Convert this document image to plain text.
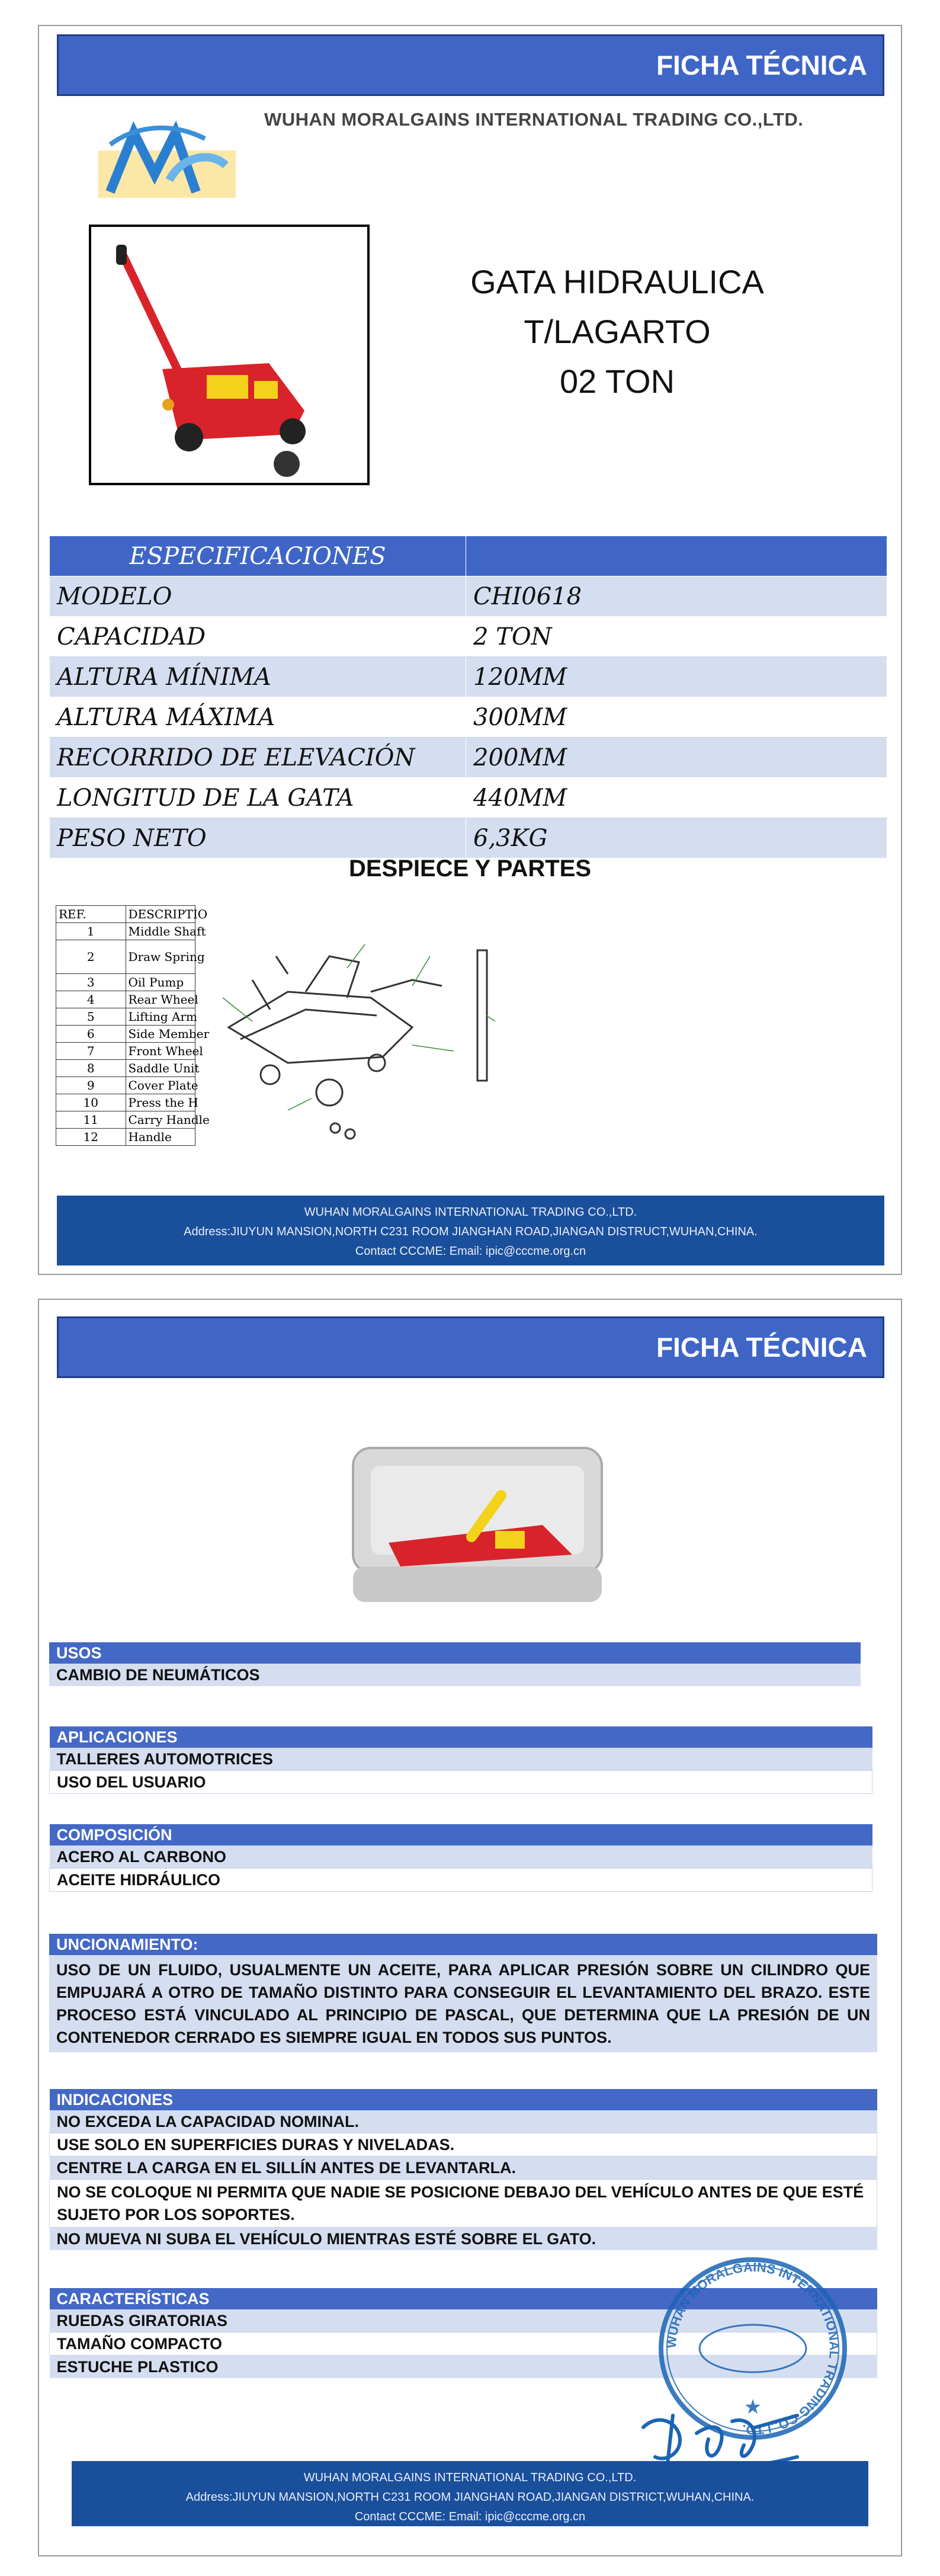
FICHA TÉCNICA
WUHAN MORALGAINS INTERNATIONAL TRADING CO.,LTD.
GATA HIDRAULICA T/LAGARTO
02 TON
ESPECIFICACIONES	
MODELO	CHI0618
CAPACIDAD	2 TON
ALTURA MÍNIMA	120MM
ALTURA MÁXIMA	300MM
RECORRIDO DE ELEVACIÓN	200MM
LONGITUD DE LA GATA	440MM
PESO NETO	6,3KG
DESPIECE Y PARTES
REF.	DESCRIPTIO
1	Middle Shaft
2	Draw Spring
3	Oil Pump
4	Rear Wheel
5	Lifting Arm
6	Side Member
7	Front Wheel
8	Saddle Unit
9	Cover Plate
10	Press the H
11	Carry Handle
12	Handle
WUHAN MORALGAINS INTERNATIONAL TRADING CO.,LTD.
Address:JIUYUN MANSION,NORTH C231 ROOM JIANGHAN ROAD,JIANGAN DISTRUCT,WUHAN,CHINA.
Contact CCCME: Email: ipic@cccme.org.cn
FICHA TÉCNICA
USOS
CAMBIO DE NEUMÁTICOS
APLICACIONES
TALLERES AUTOMOTRICES
USO DEL USUARIO
COMPOSICIÓN
ACERO AL CARBONO
ACEITE HIDRÁULICO
UNCIONAMIENTO:
USO DE UN FLUIDO, USUALMENTE UN ACEITE, PARA APLICAR PRESIÓN SOBRE UN CILINDRO QUE EMPUJARÁ A OTRO DE TAMAÑO DISTINTO PARA CONSEGUIR EL LEVANTAMIENTO DEL BRAZO. ESTE PROCESO ESTÁ VINCULADO AL PRINCIPIO DE PASCAL, QUE DETERMINA QUE LA PRESIÓN DE UN CONTENEDOR CERRADO ES SIEMPRE IGUAL EN TODOS SUS PUNTOS.
INDICACIONES
NO EXCEDA LA CAPACIDAD NOMINAL.
USE SOLO EN SUPERFICIES DURAS Y NIVELADAS.
CENTRE LA CARGA EN EL SILLÍN ANTES DE LEVANTARLA.
NO SE COLOQUE NI PERMITA QUE NADIE SE POSICIONE DEBAJO DEL VEHÍCULO ANTES DE QUE ESTÉ SUJETO POR LOS SOPORTES.
NO MUEVA NI SUBA EL VEHÍCULO MIENTRAS ESTÉ SOBRE EL GATO.
CARACTERÍSTICAS
RUEDAS GIRATORIAS
TAMAÑO COMPACTO
ESTUCHE PLASTICO
WUHAN MORALGAINS INTERNATIONAL TRADING CO.,LTD.
★
WUHAN MORALGAINS INTERNATIONAL TRADING CO.,LTD.
Address:JIUYUN MANSION,NORTH C231 ROOM JIANGHAN ROAD,JIANGAN DISTRICT,WUHAN,CHINA.
Contact CCCME: Email: ipic@cccme.org.cn
